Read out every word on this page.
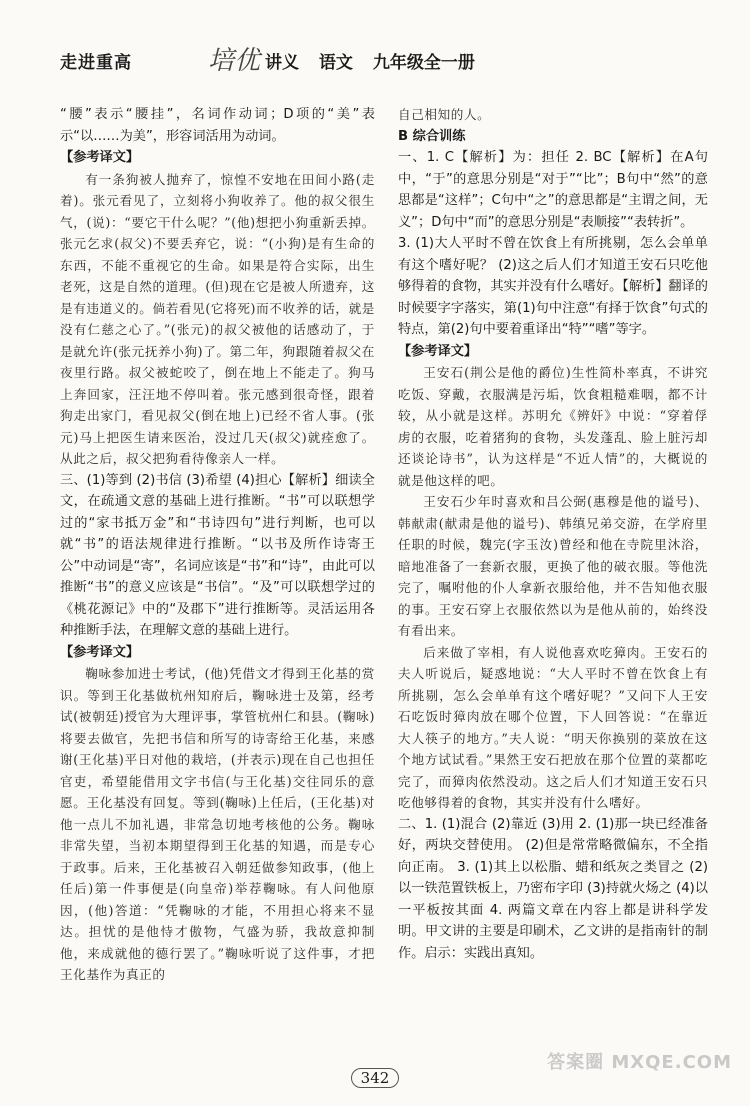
走进重高	培优 讲义 语文 九年级全一册

“腰”表示“腰挂”，名词作动词；D项的“美”表示“以……为美”，形容词活用为动词。

【参考译文】

有一条狗被人抛弃了，惊惶不安地在田间小路(走着)。张元看见了，立刻将小狗收养了。他的叔父很生气，(说)：“要它干什么呢？”(他)想把小狗重新丢掉。张元乞求(叔父)不要丢弃它，说：“(小狗)是有生命的东西，不能不重视它的生命。如果是符合实际，出生老死，这是自然的道理。(但)现在它是被人所遗弃，这是有违道义的。倘若看见(它将死)而不收养的话，就是没有仁慈之心了。”(张元)的叔父被他的话感动了，于是就允许(张元抚养小狗)了。第二年，狗跟随着叔父在夜里行路。叔父被蛇咬了，倒在地上不能走了。狗马上奔回家，汪汪地不停叫着。张元感到很奇怪，跟着狗走出家门，看见叔父(倒在地上)已经不省人事。(张元)马上把医生请来医治，没过几天(叔父)就痊愈了。从此之后，叔父把狗看待像亲人一样。

三、(1)等到 (2)书信 (3)希望 (4)担心【解析】细读全文，在疏通文意的基础上进行推断。“书”可以联想学过的“家书抵万金”和“书诗四句”进行判断，也可以就“书”的语法规律进行推断。“以书及所作诗寄王公”中动词是“寄”，名词应该是“书”和“诗”，由此可以推断“书”的意义应该是“书信”。“及”可以联想学过的《桃花源记》中的“及郡下”进行推断等。灵活运用各种推断手法，在理解文意的基础上进行。

【参考译文】

鞠咏参加进士考试，(他)凭借文才得到王化基的赏识。等到王化基做杭州知府后，鞠咏进士及第，经考试(被朝廷)授官为大理评事，掌管杭州仁和县。(鞠咏)将要去做官，先把书信和所写的诗寄给王化基，来感谢(王化基)平日对他的栽培，(并表示)现在自己也担任官吏，希望能借用文字书信(与王化基)交往同乐的意愿。王化基没有回复。等到(鞠咏)上任后，(王化基)对他一点儿不加礼遇，非常急切地考核他的公务。鞠咏非常失望，当初本期望得到王化基的知遇，而是专心于政事。后来，王化基被召入朝廷做参知政事，(他上任后)第一件事便是(向皇帝)举荐鞠咏。有人问他原因，(他)答道：“凭鞠咏的才能，不用担心将来不显达。担忧的是他恃才傲物，气盛为骄，我故意抑制他，来成就他的德行罢了。”鞠咏听说了这件事，才把王化基作为真正的

自己相知的人。

B 综合训练

一、1. C【解析】为：担任 2. BC【解析】在A句中，“于”的意思分别是“对于”“比”；B句中“然”的意思都是“这样”；C句中“之”的意思都是“主谓之间，无义”；D句中“而”的意思分别是“表顺接”“表转折”。

3. (1)大人平时不曾在饮食上有所挑剔，怎么会单单有这个嗜好呢？ (2)这之后人们才知道王安石只吃他够得着的食物，其实并没有什么嗜好。【解析】翻译的时候要字字落实，第(1)句中注意“有择于饮食”句式的特点，第(2)句中要着重译出“特”“嗜”等字。

【参考译文】

王安石(荆公是他的爵位)生性简朴率真，不讲究吃饭、穿戴，衣服满是污垢，饮食粗糙难咽，都不计较，从小就是这样。苏明允《辨奸》中说：“穿着俘虏的衣服，吃着猪狗的食物，头发蓬乱、脸上脏污却还谈论诗书”，认为这样是“不近人情”的，大概说的就是他这样的吧。

王安石少年时喜欢和吕公弼(惠穆是他的谥号)、韩献肃(献肃是他的谥号)、韩缜兄弟交游，在学府里任职的时候，魏完(字玉汝)曾经和他在寺院里沐浴，暗地准备了一套新衣服，更换了他的破衣服。等他洗完了，嘱咐他的仆人拿新衣服给他，并不告知他衣服的事。王安石穿上衣服依然以为是他从前的，始终没有看出来。

后来做了宰相，有人说他喜欢吃獐肉。王安石的夫人听说后，疑惑地说：“大人平时不曾在饮食上有所挑剔，怎么会单单有这个嗜好呢？”又问下人王安石吃饭时獐肉放在哪个位置，下人回答说：“在靠近大人筷子的地方。”夫人说：“明天你换别的菜放在这个地方试试看。”果然王安石把放在那个位置的菜都吃完了，而獐肉依然没动。这之后人们才知道王安石只吃他够得着的食物，其实并没有什么嗜好。

二、1. (1)混合 (2)靠近 (3)用 2. (1)那一块已经准备好，两块交替使用。 (2)但是常常略微偏东，不全指向正南。 3. (1)其上以松脂、蜡和纸灰之类冒之 (2)以一铁范置铁板上，乃密布字印 (3)持就火炀之 (4)以一平板按其面 4. 两篇文章在内容上都是讲科学发明。甲文讲的主要是印刷术，乙文讲的是指南针的制作。启示：实践出真知。

342
答案圈 MXQE.COM
